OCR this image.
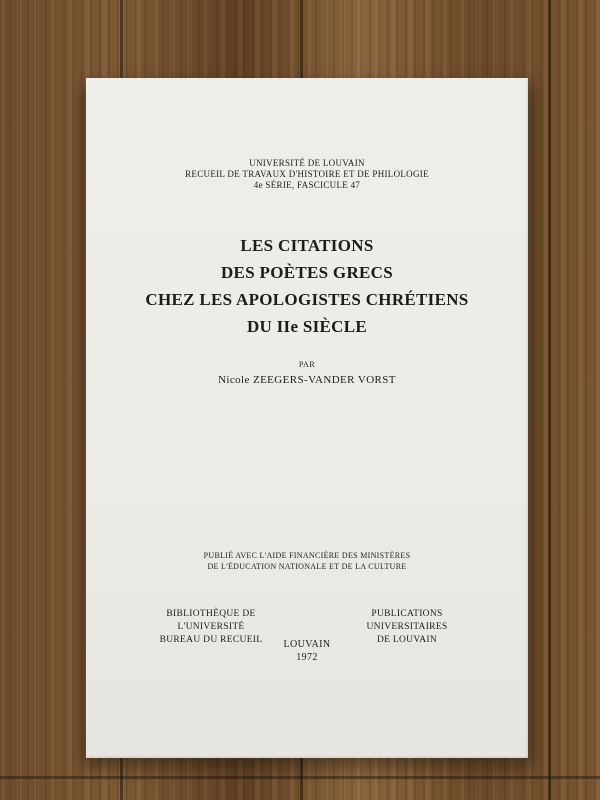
UNIVERSITÉ DE LOUVAIN
RECUEIL DE TRAVAUX D'HISTOIRE ET DE PHILOLOGIE
4e SÉRIE, FASCICULE 47
LES CITATIONS
DES POÈTES GRECS
CHEZ LES APOLOGISTES CHRÉTIENS
DU IIe SIÈCLE
PAR
Nicole ZEEGERS-VANDER VORST
PUBLIÉ AVEC L'AIDE FINANCIÈRE DES MINISTÈRES
DE L'ÉDUCATION NATIONALE ET DE LA CULTURE
BIBLIOTHÈQUE DE L'UNIVERSITÉ
BUREAU DU RECUEIL
PUBLICATIONS UNIVERSITAIRES
DE LOUVAIN
LOUVAIN
1972
